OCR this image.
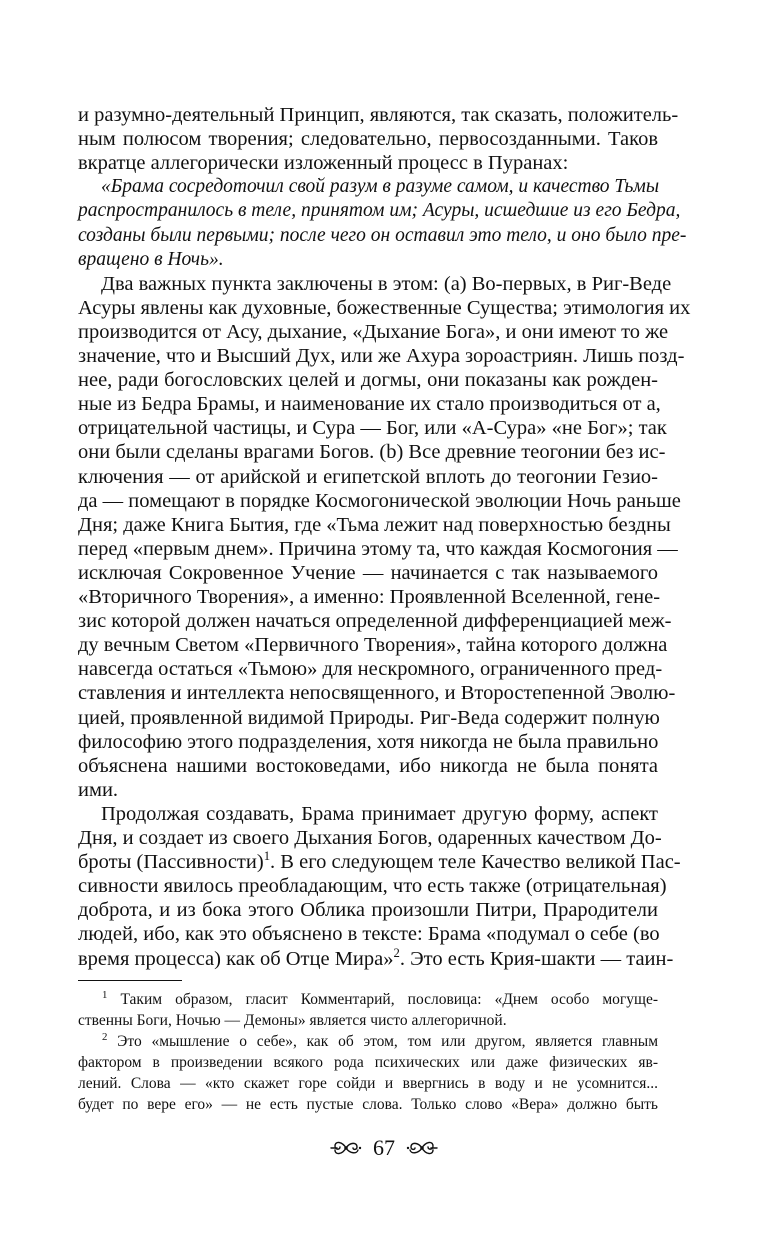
и разумно-деятельный Принцип, являются, так сказать, положитель-
ным полюсом творения; следовательно, первосозданными. Таков
вкратце аллегорически изложенный процесс в Пуранах:
«Брама сосредоточил свой разум в разуме самом, и качество Тьмы
распространилось в теле, принятом им; Асуры, исшедшие из его Бедра,
созданы были первыми; после чего он оставил это тело, и оно было пре-
вращено в Ночь».
Два важных пункта заключены в этом: (а) Во-первых, в Риг-Веде
Асуры явлены как духовные, божественные Существа; этимология их
производится от Асу, дыхание, «Дыхание Бога», и они имеют то же
значение, что и Высший Дух, или же Ахура зороастриян. Лишь позд-
нее, ради богословских целей и догмы, они показаны как рожден-
ные из Бедра Брамы, и наименование их стало производиться от а,
отрицательной частицы, и Сура — Бог, или «А-Сура» «не Бог»; так
они были сделаны врагами Богов. (b) Все древние теогонии без ис-
ключения — от арийской и египетской вплоть до теогонии Гезио-
да — помещают в порядке Космогонической эволюции Ночь раньше
Дня; даже Книга Бытия, где «Тьма лежит над поверхностью бездны
перед «первым днем». Причина этому та, что каждая Космогония —
исключая Сокровенное Учение — начинается с так называемого
«Вторичного Творения», а именно: Проявленной Вселенной, гене-
зис которой должен начаться определенной дифференциацией меж-
ду вечным Светом «Первичного Творения», тайна которого должна
навсегда остаться «Тьмою» для нескромного, ограниченного пред-
ставления и интеллекта непосвященного, и Второстепенной Эволю-
цией, проявленной видимой Природы. Риг-Веда содержит полную
философию этого подразделения, хотя никогда не была правильно
объяснена нашими востоковедами, ибо никогда не была понята
ими.
Продолжая создавать, Брама принимает другую форму, аспект
Дня, и создает из своего Дыхания Богов, одаренных качеством До-
броты (Пассивности)$^1$. В его следующем теле Качество великой Пас-
сивности явилось преобладающим, что есть также (отрицательная)
доброта, и из бока этого Облика произошли Питри, Прародители
людей, ибо, как это объяснено в тексте: Брама «подумал о себе (во
время процесса) как об Отце Мира»$^2$. Это есть Крия-шакти — таин-
$^1$ Таким образом, гласит Комментарий, пословица: «Днем особо могуще-
ственны Боги, Ночью — Демоны» является чисто аллегоричной.
$^2$ Это «мышление о себе», как об этом, том или другом, является главным
фактором в произведении всякого рода психических или даже физических яв-
лений. Слова — «кто скажет горе сойди и ввергнись в воду и не усомнится...
будет по вере его» — не есть пустые слова. Только слово «Вера» должно быть
67
